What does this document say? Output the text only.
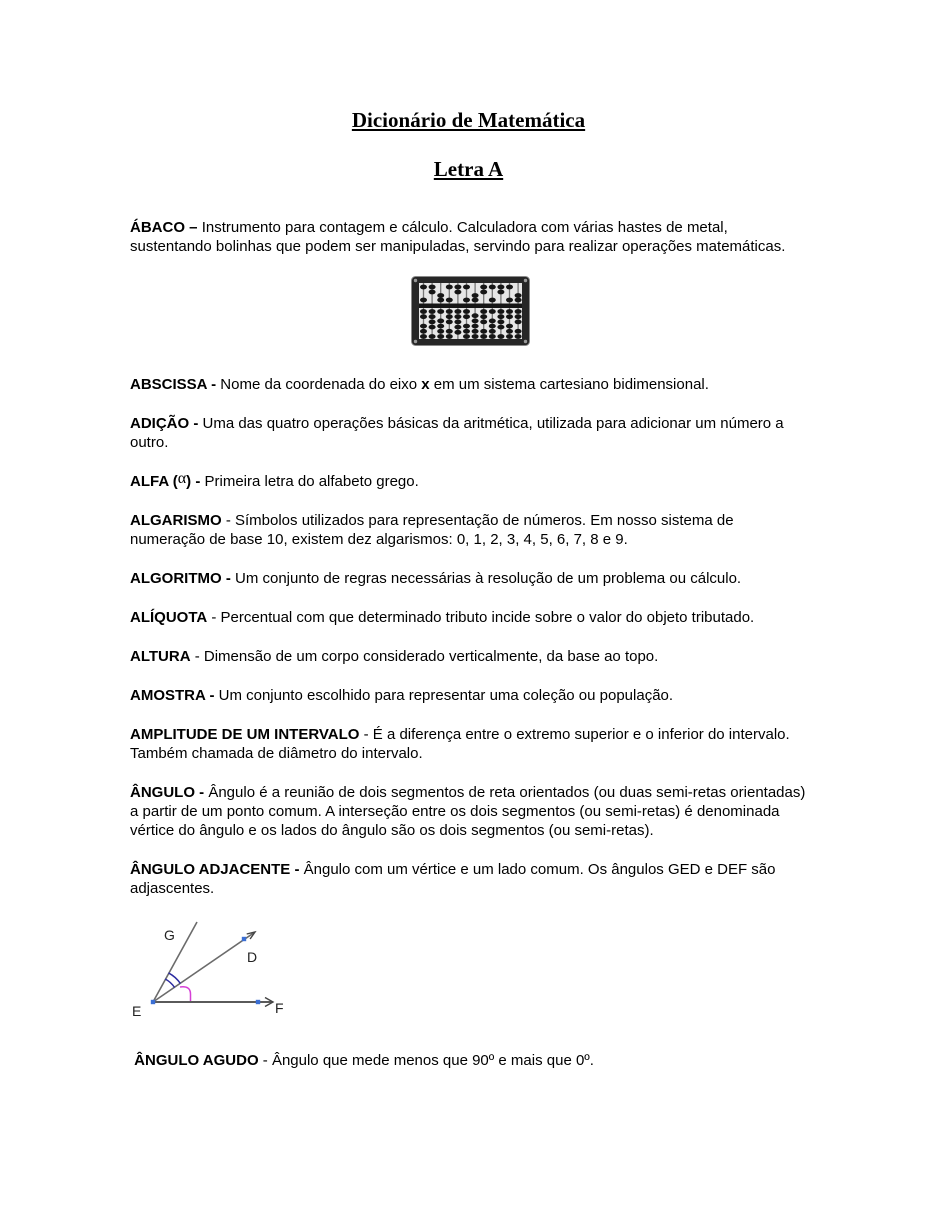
Dicionário de Matemática
Letra A

ÁBACO – Instrumento para contagem e cálculo. Calculadora com várias hastes de metal, sustentando bolinhas que podem ser manipuladas, servindo para realizar operações matemáticas.

ABSCISSA - Nome da coordenada do eixo x em um sistema cartesiano bidimensional.

ADIÇÃO - Uma das quatro operações básicas da aritmética, utilizada para adicionar um número a outro.

ALFA (α) - Primeira letra do alfabeto grego.

ALGARISMO - Símbolos utilizados para representação de números. Em nosso sistema de numeração de base 10, existem dez algarismos: 0, 1, 2, 3, 4, 5, 6, 7, 8 e 9.

ALGORITMO - Um conjunto de regras necessárias à resolução de um problema ou cálculo.

ALÍQUOTA - Percentual com que determinado tributo incide sobre o valor do objeto tributado.

ALTURA - Dimensão de um corpo considerado verticalmente, da base ao topo.

AMOSTRA - Um conjunto escolhido para representar uma coleção ou população.

AMPLITUDE DE UM INTERVALO - É a diferença entre o extremo superior e o inferior do intervalo. Também chamada de diâmetro do intervalo.

ÂNGULO - Ângulo é a reunião de dois segmentos de reta orientados (ou duas semi-retas orientadas) a partir de um ponto comum. A interseção entre os dois segmentos (ou semi-retas) é denominada vértice do ângulo e os lados do ângulo são os dois segmentos (ou semi-retas).

ÂNGULO ADJACENTE - Ângulo com um vértice e um lado comum. Os ângulos GED e DEF são adjascentes.

G
D
E	F

ÂNGULO AGUDO - Ângulo que mede menos que 90º e mais que 0º.
